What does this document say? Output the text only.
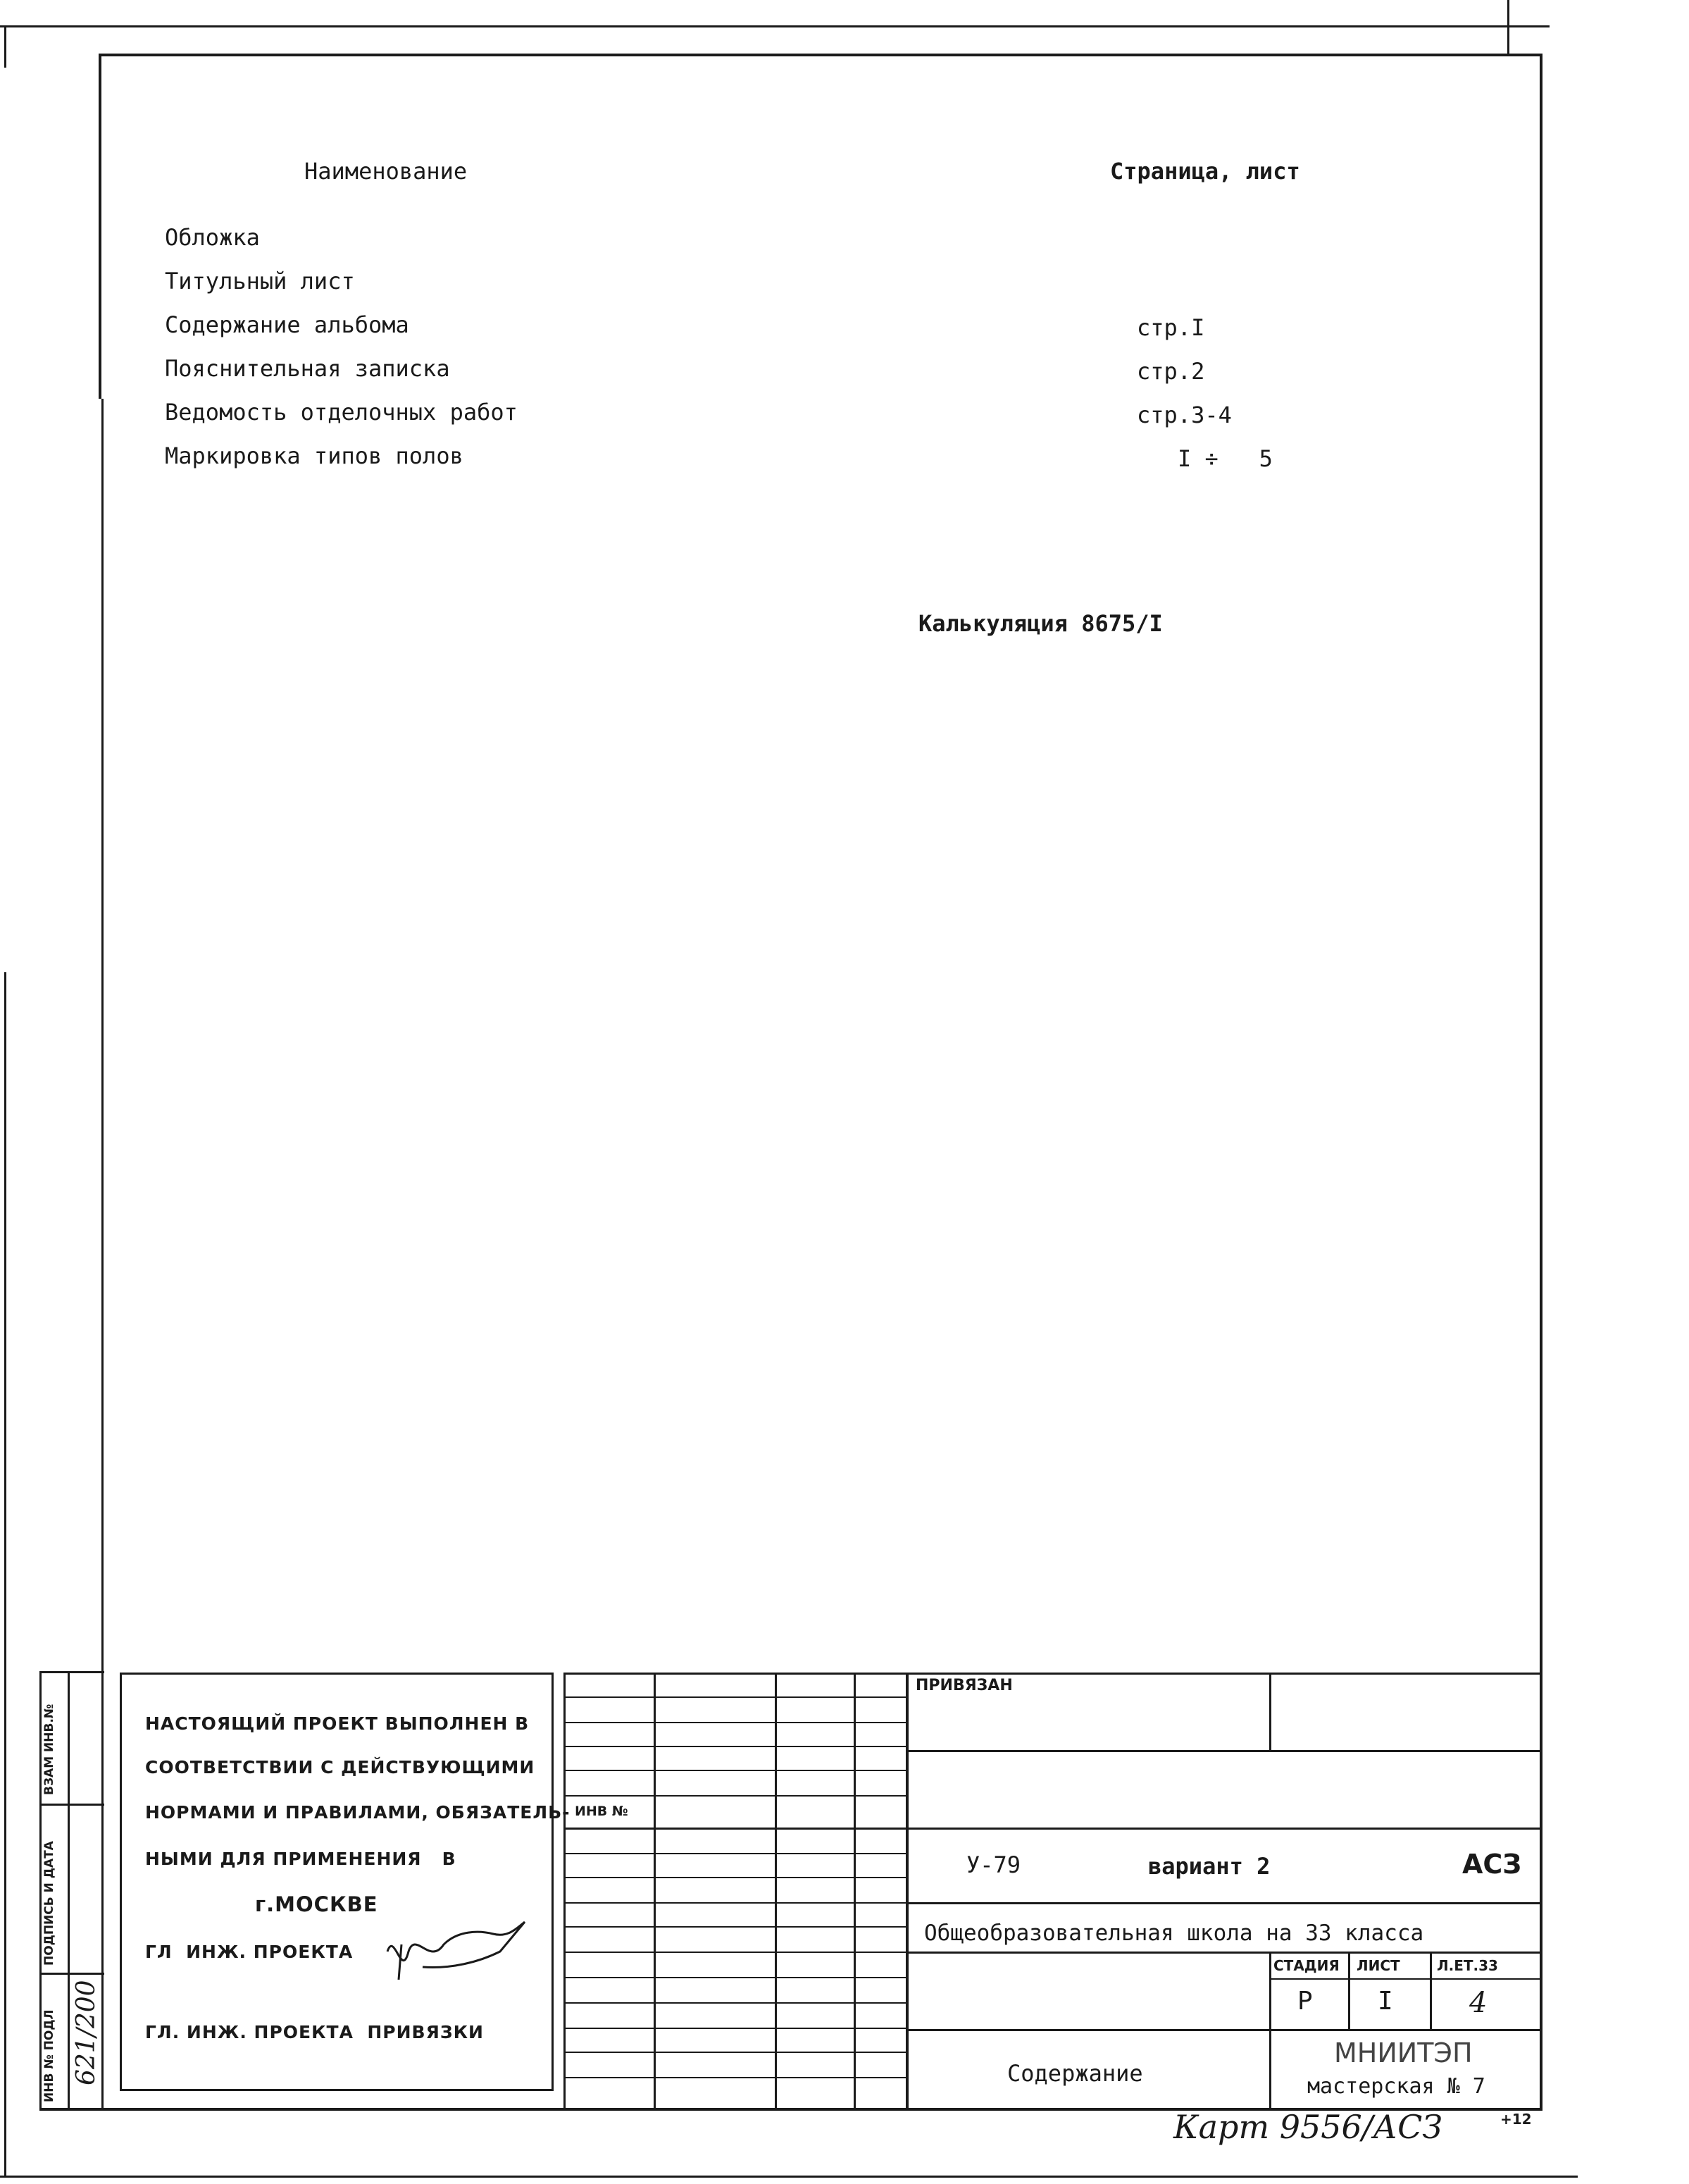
Наименование	Страница, лист
Обложка
Титульный лист
Содержание альбома	стр.I
Пояснительная записка	стр.2
Ведомость отделочных работ	стр.3-4
Маркировка типов полов	I ÷   5
Калькуляция 8675/I
ВЗАМ ИНВ.№
ПОДПИСЬ И ДАТА
ИНВ № ПОДЛ 621/200
НАСТОЯЩИЙ ПРОЕКТ ВЫПОЛНЕН В
СООТВЕТСТВИИ С ДЕЙСТВУЮЩИМИ
НОРМАМИ И ПРАВИЛАМИ, ОБЯЗАТЕЛЬ-
НЫМИ ДЛЯ ПРИМЕНЕНИЯ   В
г.МОСКВЕ
ГЛ  ИНЖ. ПРОЕКТА
ГЛ. ИНЖ. ПРОЕКТА  ПРИВЯЗКИ
ИНВ №
ПРИВЯЗАН
У-79	вариант 2	АСЗ
Общеобразовательная школа на 33 класса
СТАДИЯ ЛИСТ	Л.ЕТ.33
Р	I	4
Содержание
МНИИТЭП
мастерская № 7
Карт 9556/АСЗ	+12
